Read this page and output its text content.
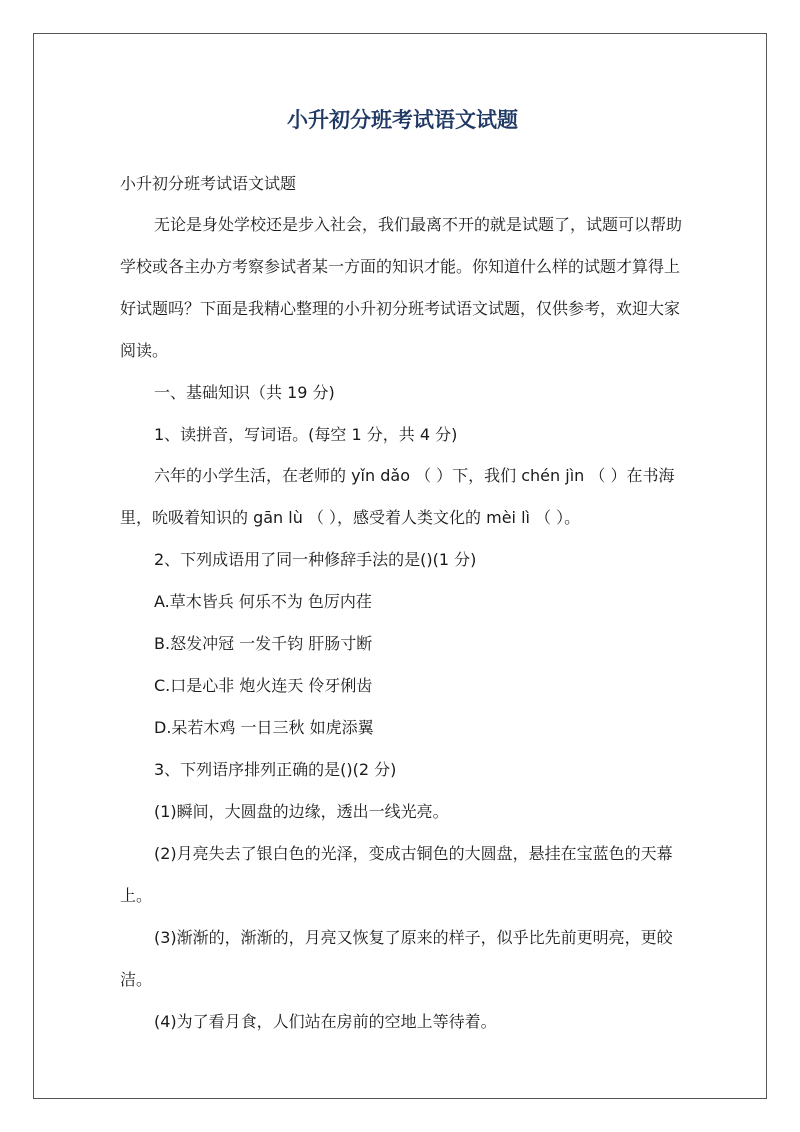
小升初分班考试语文试题
小升初分班考试语文试题
无论是身处学校还是步入社会，我们最离不开的就是试题了，试题可以帮助
学校或各主办方考察参试者某一方面的知识才能。你知道什么样的试题才算得上
好试题吗？下面是我精心整理的小升初分班考试语文试题，仅供参考，欢迎大家
阅读。
一、基础知识（共 19 分)
1、读拼音，写词语。(每空 1 分，共 4 分)
六年的小学生活，在老师的 yǐn dǎo （ ）下，我们 chén jìn （ ）在书海
里，吮吸着知识的 gān lù （ ），感受着人类文化的 mèi lì （ ）。
2、下列成语用了同一种修辞手法的是()(1 分)
A.草木皆兵 何乐不为 色厉内荏
B.怒发冲冠 一发千钧 肝肠寸断
C.口是心非 炮火连天 伶牙俐齿
D.呆若木鸡 一日三秋 如虎添翼
3、下列语序排列正确的是()(2 分)
(1)瞬间，大圆盘的边缘，透出一线光亮。
(2)月亮失去了银白色的光泽，变成古铜色的大圆盘，悬挂在宝蓝色的天幕
上。
(3)渐渐的，渐渐的，月亮又恢复了原来的样子，似乎比先前更明亮，更皎
洁。
(4)为了看月食，人们站在房前的空地上等待着。
